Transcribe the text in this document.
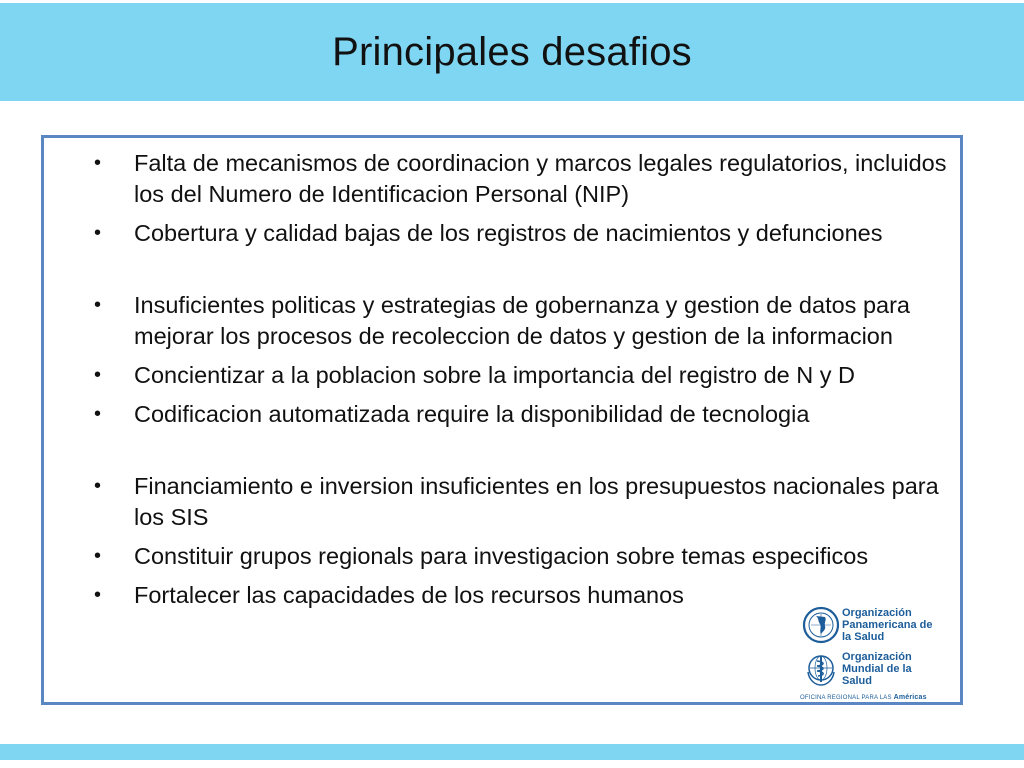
Principales desafios
•	Falta de mecanismos de coordinacion y marcos legales regulatorios, incluidos los del Numero de Identificacion Personal (NIP)
•	Cobertura y calidad bajas de los registros de nacimientos y defunciones
•	Insuficientes politicas y estrategias de gobernanza y gestion de datos para mejorar los procesos de recoleccion de datos y gestion de la informacion
•	Concientizar a la poblacion sobre la importancia del registro de N y D
•	Codificacion automatizada require la disponibilidad de tecnologia
•	Financiamiento e inversion insuficientes en los presupuestos nacionales para los SIS
•	Constituir grupos regionals para investigacion sobre temas especificos
•	Fortalecer las capacidades de los recursos humanos
Organización Panamericana de la Salud
Organización Mundial de la Salud
OFICINA REGIONAL PARA LAS Américas
